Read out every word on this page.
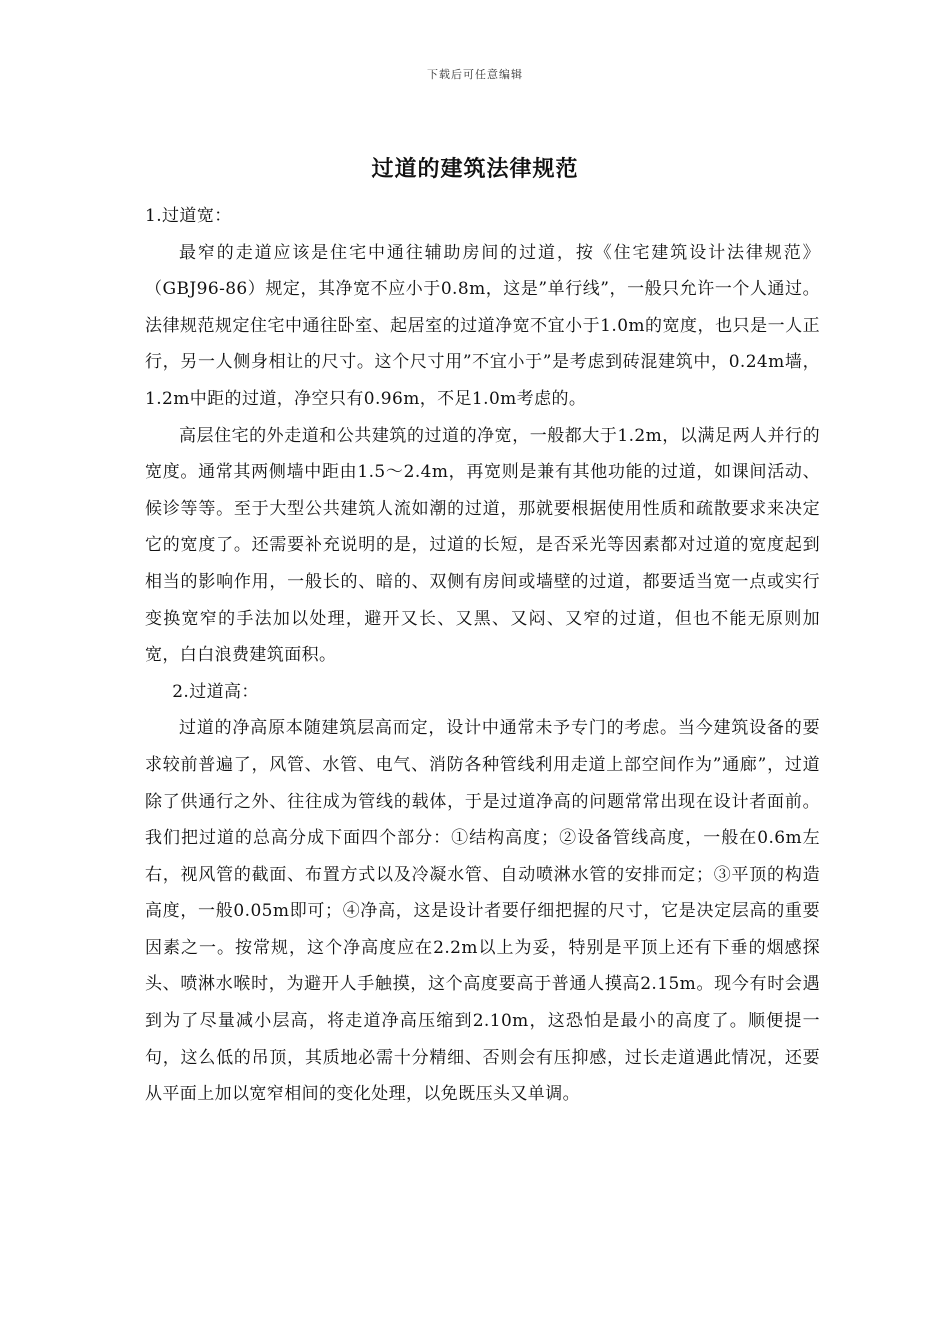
下载后可任意编辑
过道的建筑法律规范

1.过道宽：

最窄的走道应该是住宅中通往辅助房间的过道，按《住宅建筑设计法律规范》（GBJ96-86）规定，其净宽不应小于0.8m，这是”单行线”，一般只允许一个人通过。法律规范规定住宅中通往卧室、起居室的过道净宽不宜小于1.0m的宽度，也只是一人正行，另一人侧身相让的尺寸。这个尺寸用”不宜小于”是考虑到砖混建筑中，0.24m墙，1.2m中距的过道，净空只有0.96m，不足1.0m考虑的。

高层住宅的外走道和公共建筑的过道的净宽，一般都大于1.2m，以满足两人并行的宽度。通常其两侧墙中距由1.5～2.4m，再宽则是兼有其他功能的过道，如课间活动、候诊等等。至于大型公共建筑人流如潮的过道，那就要根据使用性质和疏散要求来决定它的宽度了。还需要补充说明的是，过道的长短，是否采光等因素都对过道的宽度起到相当的影响作用，一般长的、暗的、双侧有房间或墙壁的过道，都要适当宽一点或实行变换宽窄的手法加以处理，避开又长、又黑、又闷、又窄的过道，但也不能无原则加宽，白白浪费建筑面积。

2.过道高：

过道的净高原本随建筑层高而定，设计中通常未予专门的考虑。当今建筑设备的要求较前普遍了，风管、水管、电气、消防各种管线利用走道上部空间作为”通廊”，过道除了供通行之外、往往成为管线的载体，于是过道净高的问题常常出现在设计者面前。我们把过道的总高分成下面四个部分：①结构高度；②设备管线高度，一般在0.6m左右，视风管的截面、布置方式以及冷凝水管、自动喷淋水管的安排而定；③平顶的构造高度，一般0.05m即可；④净高，这是设计者要仔细把握的尺寸，它是决定层高的重要因素之一。按常规，这个净高度应在2.2m以上为妥，特别是平顶上还有下垂的烟感探头、喷淋水喉时，为避开人手触摸，这个高度要高于普通人摸高2.15m。现今有时会遇到为了尽量减小层高，将走道净高压缩到2.10m，这恐怕是最小的高度了。顺便提一句，这么低的吊顶，其质地必需十分精细、否则会有压抑感，过长走道遇此情况，还要从平面上加以宽窄相间的变化处理，以免既压头又单调。
